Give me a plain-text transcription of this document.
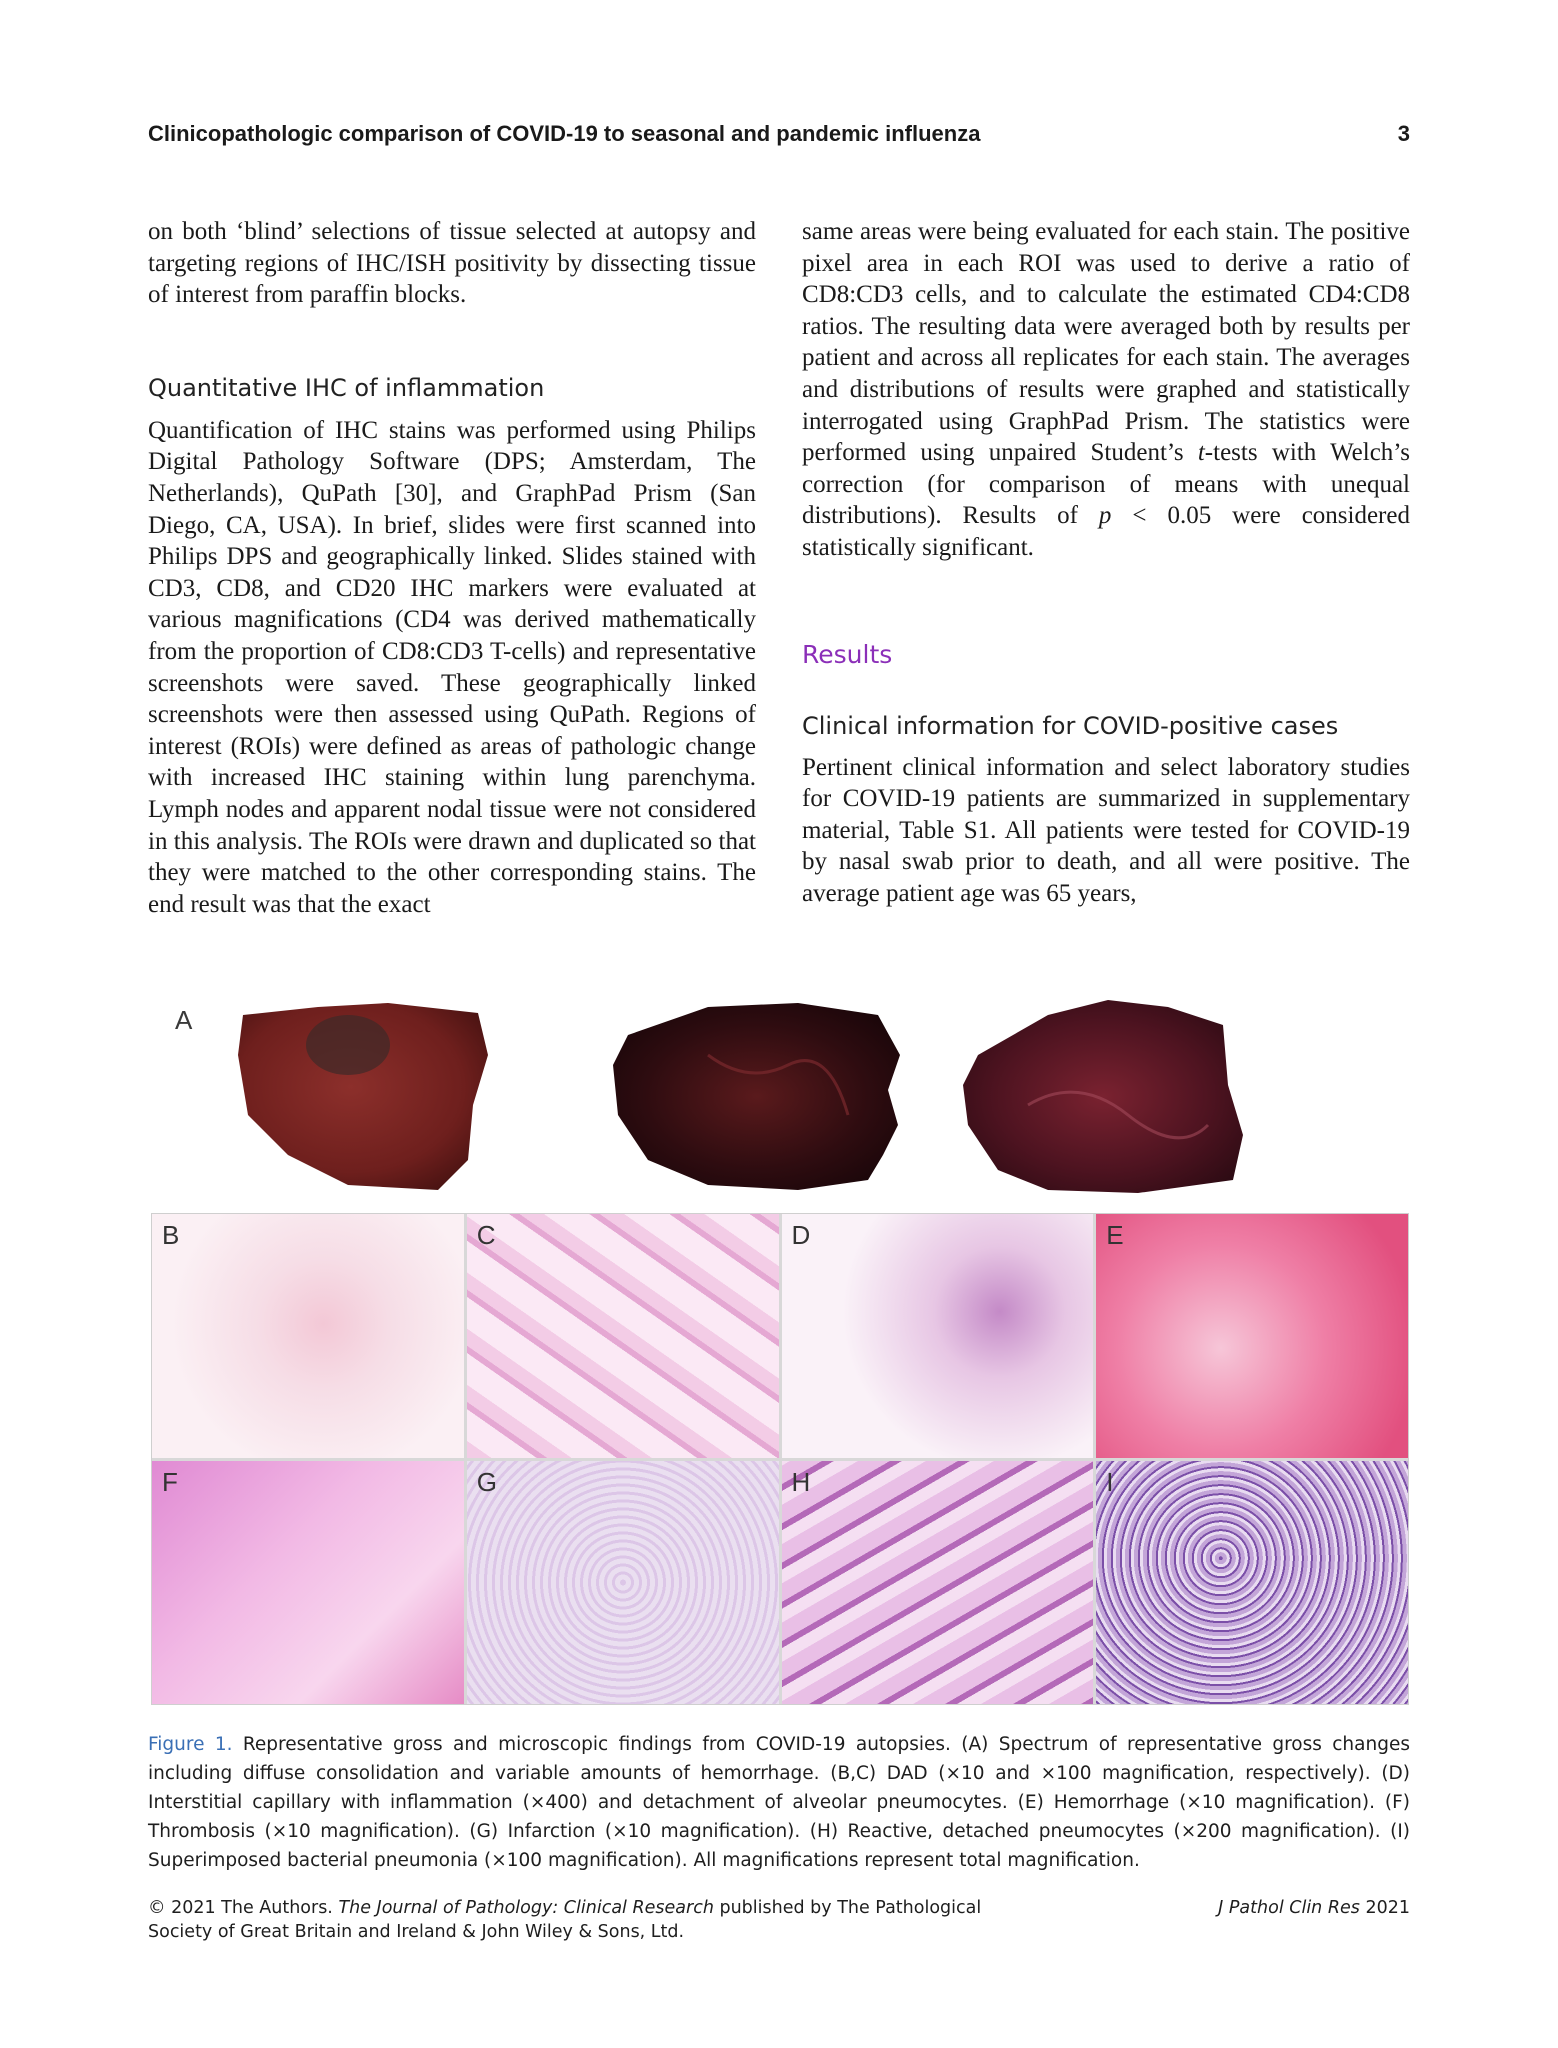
Clinicopathologic comparison of COVID-19 to seasonal and pandemic influenza	3

on both ‘blind’ selections of tissue selected at autopsy and targeting regions of IHC/ISH positivity by dissecting tissue of interest from paraffin blocks.

Quantitative IHC of inflammation

Quantification of IHC stains was performed using Philips Digital Pathology Software (DPS; Amsterdam, The Netherlands), QuPath [30], and GraphPad Prism (San Diego, CA, USA). In brief, slides were first scanned into Philips DPS and geographically linked. Slides stained with CD3, CD8, and CD20 IHC markers were evaluated at various magnifications (CD4 was derived mathematically from the proportion of CD8:CD3 T-cells) and representative screenshots were saved. These geographically linked screenshots were then assessed using QuPath. Regions of interest (ROIs) were defined as areas of pathologic change with increased IHC staining within lung parenchyma. Lymph nodes and apparent nodal tissue were not considered in this analysis. The ROIs were drawn and duplicated so that they were matched to the other corresponding stains. The end result was that the exact

same areas were being evaluated for each stain. The positive pixel area in each ROI was used to derive a ratio of CD8:CD3 cells, and to calculate the estimated CD4:CD8 ratios. The resulting data were averaged both by results per patient and across all replicates for each stain. The averages and distributions of results were graphed and statistically interrogated using GraphPad Prism. The statistics were performed using unpaired Student’s t-tests with Welch’s correction (for comparison of means with unequal distributions). Results of p < 0.05 were considered statistically significant.

Results

Clinical information for COVID-positive cases

Pertinent clinical information and select laboratory studies for COVID-19 patients are summarized in supplementary material, Table S1. All patients were tested for COVID-19 by nasal swab prior to death, and all were positive. The average patient age was 65 years,

A
B	C	D	E
F	G	H	I
Figure 1. Representative gross and microscopic findings from COVID-19 autopsies. (A) Spectrum of representative gross changes including diffuse consolidation and variable amounts of hemorrhage. (B,C) DAD (×10 and ×100 magnification, respectively). (D) Interstitial capillary with inflammation (×400) and detachment of alveolar pneumocytes. (E) Hemorrhage (×10 magnification). (F) Thrombosis (×10 magnification). (G) Infarction (×10 magnification). (H) Reactive, detached pneumocytes (×200 magnification). (I) Superimposed bacterial pneumonia (×100 magnification). All magnifications represent total magnification.
© 2021 The Authors. The Journal of Pathology: Clinical Research published by The Pathological Society of Great Britain and Ireland & John Wiley & Sons, Ltd.
J Pathol Clin Res 2021
